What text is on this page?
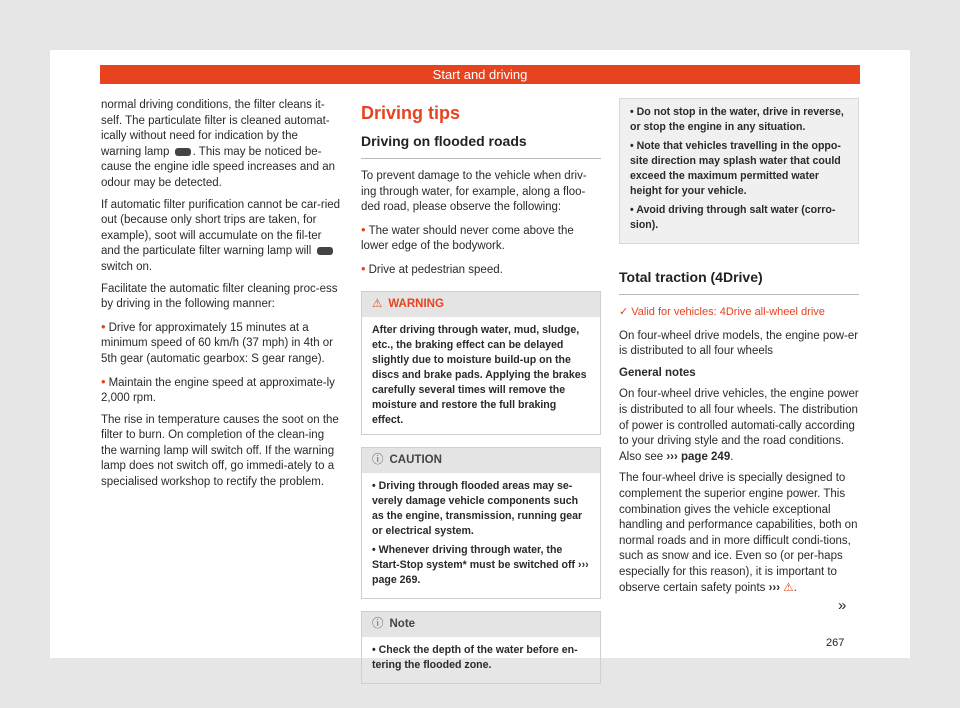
Start and driving

normal driving conditions, the filter cleans it-self. The particulate filter is cleaned automat-ically without need for indication by the warning lamp . This may be noticed be-cause the engine idle speed increases and an odour may be detected.

If automatic filter purification cannot be car-ried out (because only short trips are taken, for example), soot will accumulate on the fil-ter and the particulate filter warning lamp will  switch on.

Facilitate the automatic filter cleaning proc-ess by driving in the following manner:

• Drive for approximately 15 minutes at a minimum speed of 60 km/h (37 mph) in 4th or 5th gear (automatic gearbox: S gear range).

• Maintain the engine speed at approximate-ly 2,000 rpm.

The rise in temperature causes the soot on the filter to burn. On completion of the clean-ing the warning lamp will switch off. If the warning lamp does not switch off, go immedi-ately to a specialised workshop to rectify the problem.

Driving tips
Driving on flooded roads

To prevent damage to the vehicle when driv-ing through water, for example, along a floo-ded road, please observe the following:

• The water should never come above the lower edge of the bodywork.

• Drive at pedestrian speed.

⚠ WARNING
After driving through water, mud, sludge, etc., the braking effect can be delayed slightly due to moisture build-up on the discs and brake pads. Applying the brakes carefully several times will remove the moisture and restore the full braking effect.
ⓘ CAUTION

• Driving through flooded areas may se-verely damage vehicle components such as the engine, transmission, running gear or electrical system.

• Whenever driving through water, the Start-Stop system* must be switched off ››› page 269.

ⓘ Note

• Check the depth of the water before en-tering the flooded zone.

• Do not stop in the water, drive in reverse, or stop the engine in any situation.

• Note that vehicles travelling in the oppo-site direction may splash water that could exceed the maximum permitted water height for your vehicle.

• Avoid driving through salt water (corro-sion).

Total traction (4Drive)
✓ Valid for vehicles: 4Drive all-wheel drive

On four-wheel drive models, the engine pow-er is distributed to all four wheels

General notes

On four-wheel drive vehicles, the engine power is distributed to all four wheels. The distribution of power is controlled automati-cally according to your driving style and the road conditions. Also see ››› page 249.

The four-wheel drive is specially designed to complement the superior engine power. This combination gives the vehicle exceptional handling and performance capabilities, both on normal roads and in more difficult condi-tions, such as snow and ice. Even so (or per-haps especially for this reason), it is important to observe certain safety points ››› ⚠.

»
267
